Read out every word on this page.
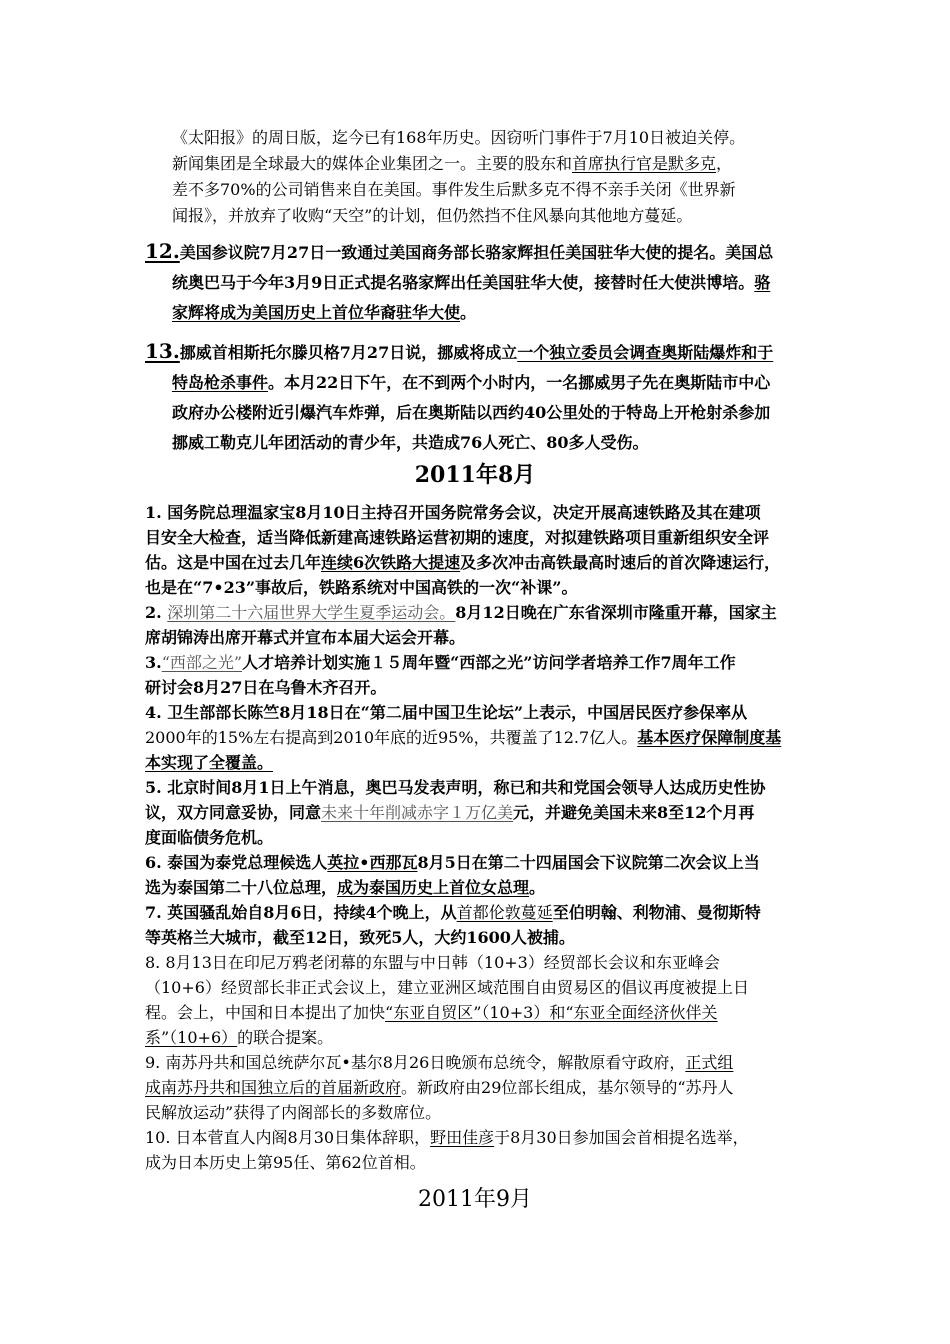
《太阳报》的周日版，迄今已有168年历史。因窃听门事件于7月10日被迫关停。
新闻集团是全球最大的媒体企业集团之一。主要的股东和首席执行官是默多克，
差不多70%的公司销售来自在美国。事件发生后默多克不得不亲手关闭《世界新
闻报》，并放弃了收购“天空”的计划，但仍然挡不住风暴向其他地方蔓延。
12.美国参议院7月27日一致通过美国商务部长骆家辉担任美国驻华大使的提名。美国总
统奥巴马于今年3月9日正式提名骆家辉出任美国驻华大使，接替时任大使洪博培。骆
家辉将成为美国历史上首位华裔驻华大使。
13.挪威首相斯托尔滕贝格7月27日说，挪威将成立一个独立委员会调查奥斯陆爆炸和于
特岛枪杀事件。本月22日下午，在不到两个小时内，一名挪威男子先在奥斯陆市中心
政府办公楼附近引爆汽车炸弹，后在奥斯陆以西约40公里处的于特岛上开枪射杀参加
挪威工勒克儿年团活动的青少年，共造成76人死亡、80多人受伤。
2011年8月
1. 国务院总理温家宝8月10日主持召开国务院常务会议，决定开展高速铁路及其在建项
目安全大检查，适当降低新建高速铁路运营初期的速度，对拟建铁路项目重新组织安全评
估。这是中国在过去几年连续6次铁路大提速及多次冲击高铁最高时速后的首次降速运行，
也是在“7•23”事故后，铁路系统对中国高铁的一次“补课”。
2. 深圳第二十六届世界大学生夏季运动会。8月12日晚在广东省深圳市隆重开幕，国家主
席胡锦涛出席开幕式并宣布本届大运会开幕。
3.“西部之光”人才培养计划实施１５周年暨“西部之光”访问学者培养工作7周年工作
研讨会8月27日在乌鲁木齐召开。
4. 卫生部部长陈竺8月18日在“第二届中国卫生论坛”上表示，中国居民医疗参保率从
2000年的15%左右提高到2010年底的近95%，共覆盖了12.7亿人。基本医疗保障制度基
本实现了全覆盖。
5. 北京时间8月1日上午消息，奥巴马发表声明，称已和共和党国会领导人达成历史性协
议，双方同意妥协，同意未来十年削减赤字１万亿美元，并避免美国未来8至12个月再
度面临债务危机。
6. 泰国为泰党总理候选人英拉•西那瓦8月5日在第二十四届国会下议院第二次会议上当
选为泰国第二十八位总理，成为泰国历史上首位女总理。
7. 英国骚乱始自8月6日，持续4个晚上，从首都伦敦蔓延至伯明翰、利物浦、曼彻斯特
等英格兰大城市，截至12日，致死5人，大约1600人被捕。
8. 8月13日在印尼万鸦老闭幕的东盟与中日韩（10+3）经贸部长会议和东亚峰会
（10+6）经贸部长非正式会议上，建立亚洲区域范围自由贸易区的倡议再度被提上日
程。会上，中国和日本提出了加快“东亚自贸区”（10+3）和“东亚全面经济伙伴关
系”（10+6）的联合提案。
9. 南苏丹共和国总统萨尔瓦•基尔8月26日晚颁布总统令，解散原看守政府，正式组
成南苏丹共和国独立后的首届新政府。新政府由29位部长组成，基尔领导的“苏丹人
民解放运动”获得了内阁部长的多数席位。
10. 日本菅直人内阁8月30日集体辞职，野田佳彦于8月30日参加国会首相提名选举，
成为日本历史上第95任、第62位首相。
2011年9月
